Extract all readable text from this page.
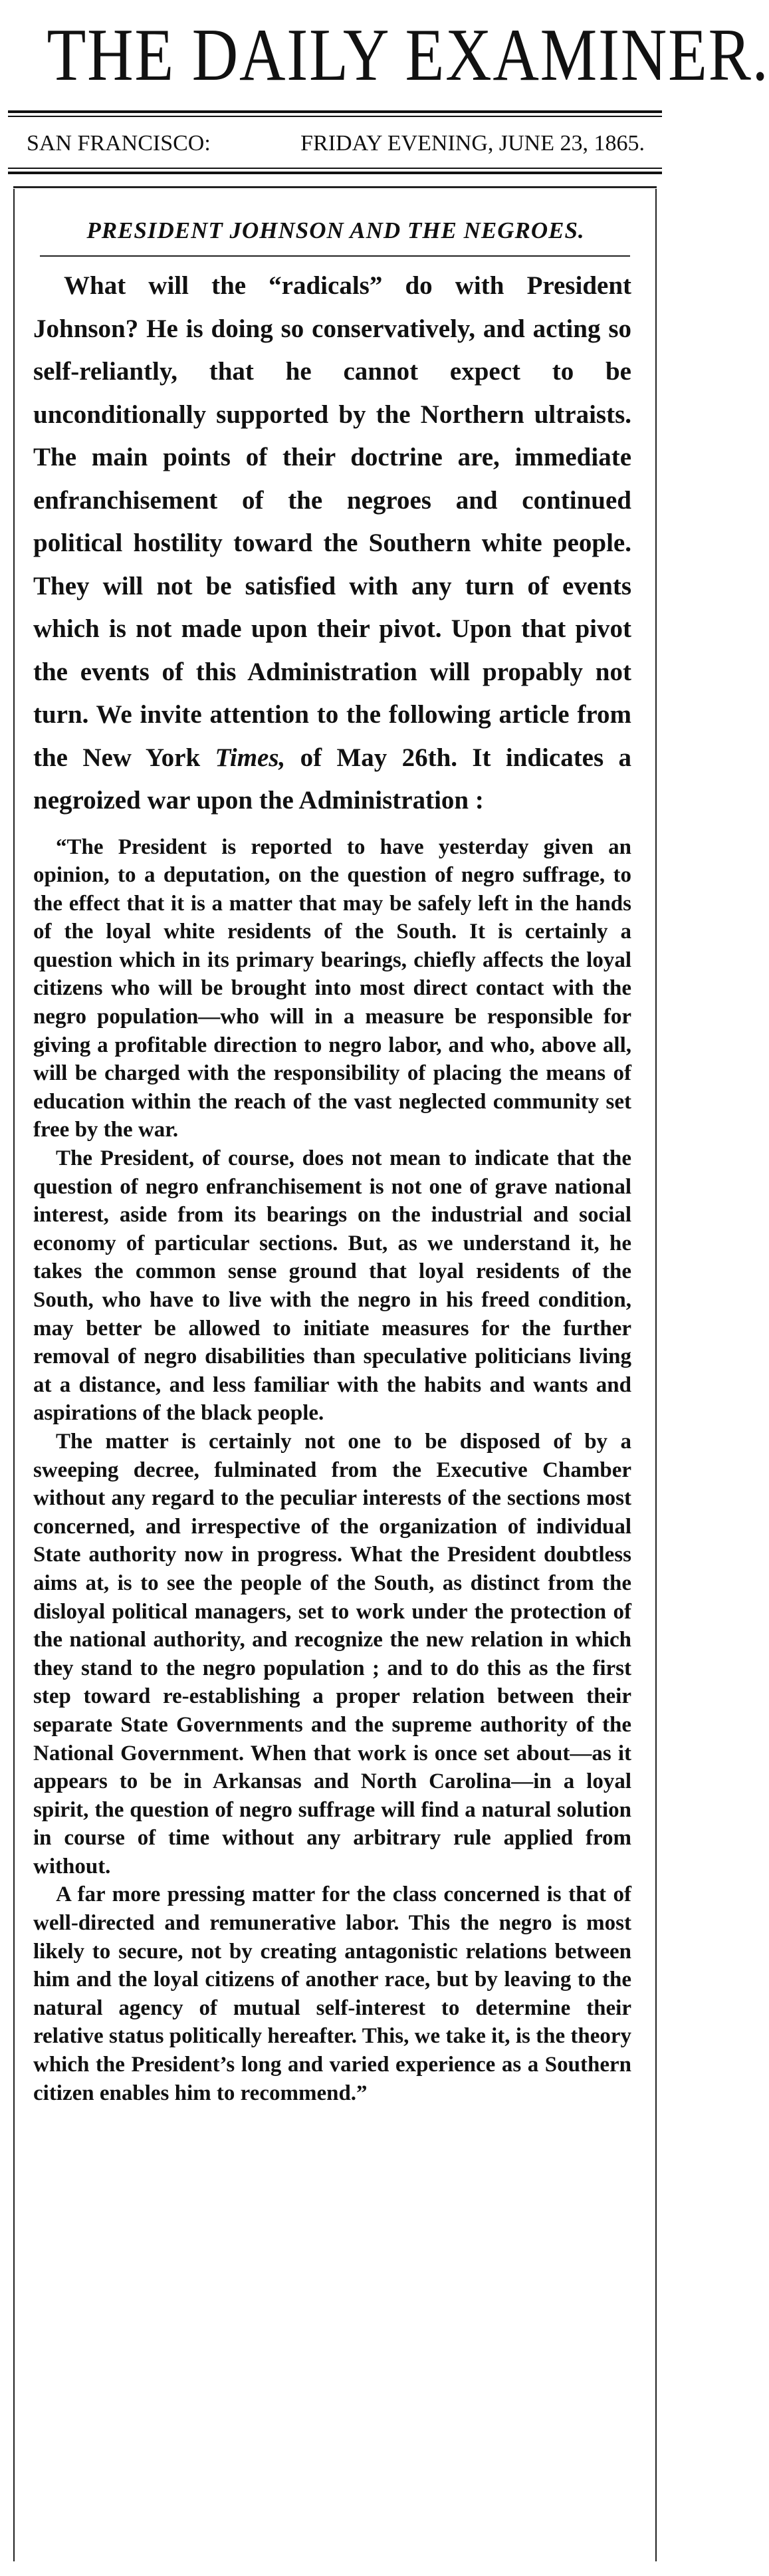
THE DAILY EXAMINER.
SAN FRANCISCO:	FRIDAY EVENING, JUNE 23, 1865.
PRESIDENT JOHNSON AND THE NEGROES.

What will the “radicals” do with President Johnson? He is doing so conservatively, and acting so self-reliantly, that he cannot expect to be unconditionally supported by the Northern ultraists. The main points of their doctrine are, immediate enfranchisement of the negroes and continued political hostility toward the Southern white people. They will not be satisfied with any turn of events which is not made upon their pivot. Upon that pivot the events of this Administration will propably not turn. We invite attention to the following article from the New York Times, of May 26th. It indicates a negroized war upon the Administration :

“The President is reported to have yesterday given an opinion, to a deputation, on the question of negro suffrage, to the effect that it is a matter that may be safely left in the hands of the loyal white residents of the South. It is certainly a question which in its primary bearings, chiefly affects the loyal citizens who will be brought into most direct contact with the negro population—who will in a measure be responsible for giving a profitable direction to negro labor, and who, above all, will be charged with the responsibility of placing the means of education within the reach of the vast neglected community set free by the war.

The President, of course, does not mean to indicate that the question of negro enfranchisement is not one of grave national interest, aside from its bearings on the industrial and social economy of particular sections. But, as we understand it, he takes the common sense ground that loyal residents of the South, who have to live with the negro in his freed condition, may better be allowed to initiate measures for the further removal of negro disabilities than speculative politicians living at a distance, and less familiar with the habits and wants and aspirations of the black people.

The matter is certainly not one to be disposed of by a sweeping decree, fulminated from the Executive Chamber without any regard to the peculiar interests of the sections most concerned, and irrespective of the organization of individual State authority now in progress. What the President doubtless aims at, is to see the people of the South, as distinct from the disloyal political managers, set to work under the protection of the national authority, and recognize the new relation in which they stand to the negro population ; and to do this as the first step toward re-establishing a proper relation between their separate State Governments and the supreme authority of the National Government. When that work is once set about—as it appears to be in Arkansas and North Carolina—in a loyal spirit, the question of negro suffrage will find a natural solution in course of time without any arbitrary rule applied from without.

A far more pressing matter for the class concerned is that of well-directed and remunerative labor. This the negro is most likely to secure, not by creating antagonistic relations between him and the loyal citizens of another race, but by leaving to the natural agency of mutual self-interest to determine their relative status politically hereafter. This, we take it, is the theory which the President’s long and varied experience as a Southern citizen enables him to recommend.”
